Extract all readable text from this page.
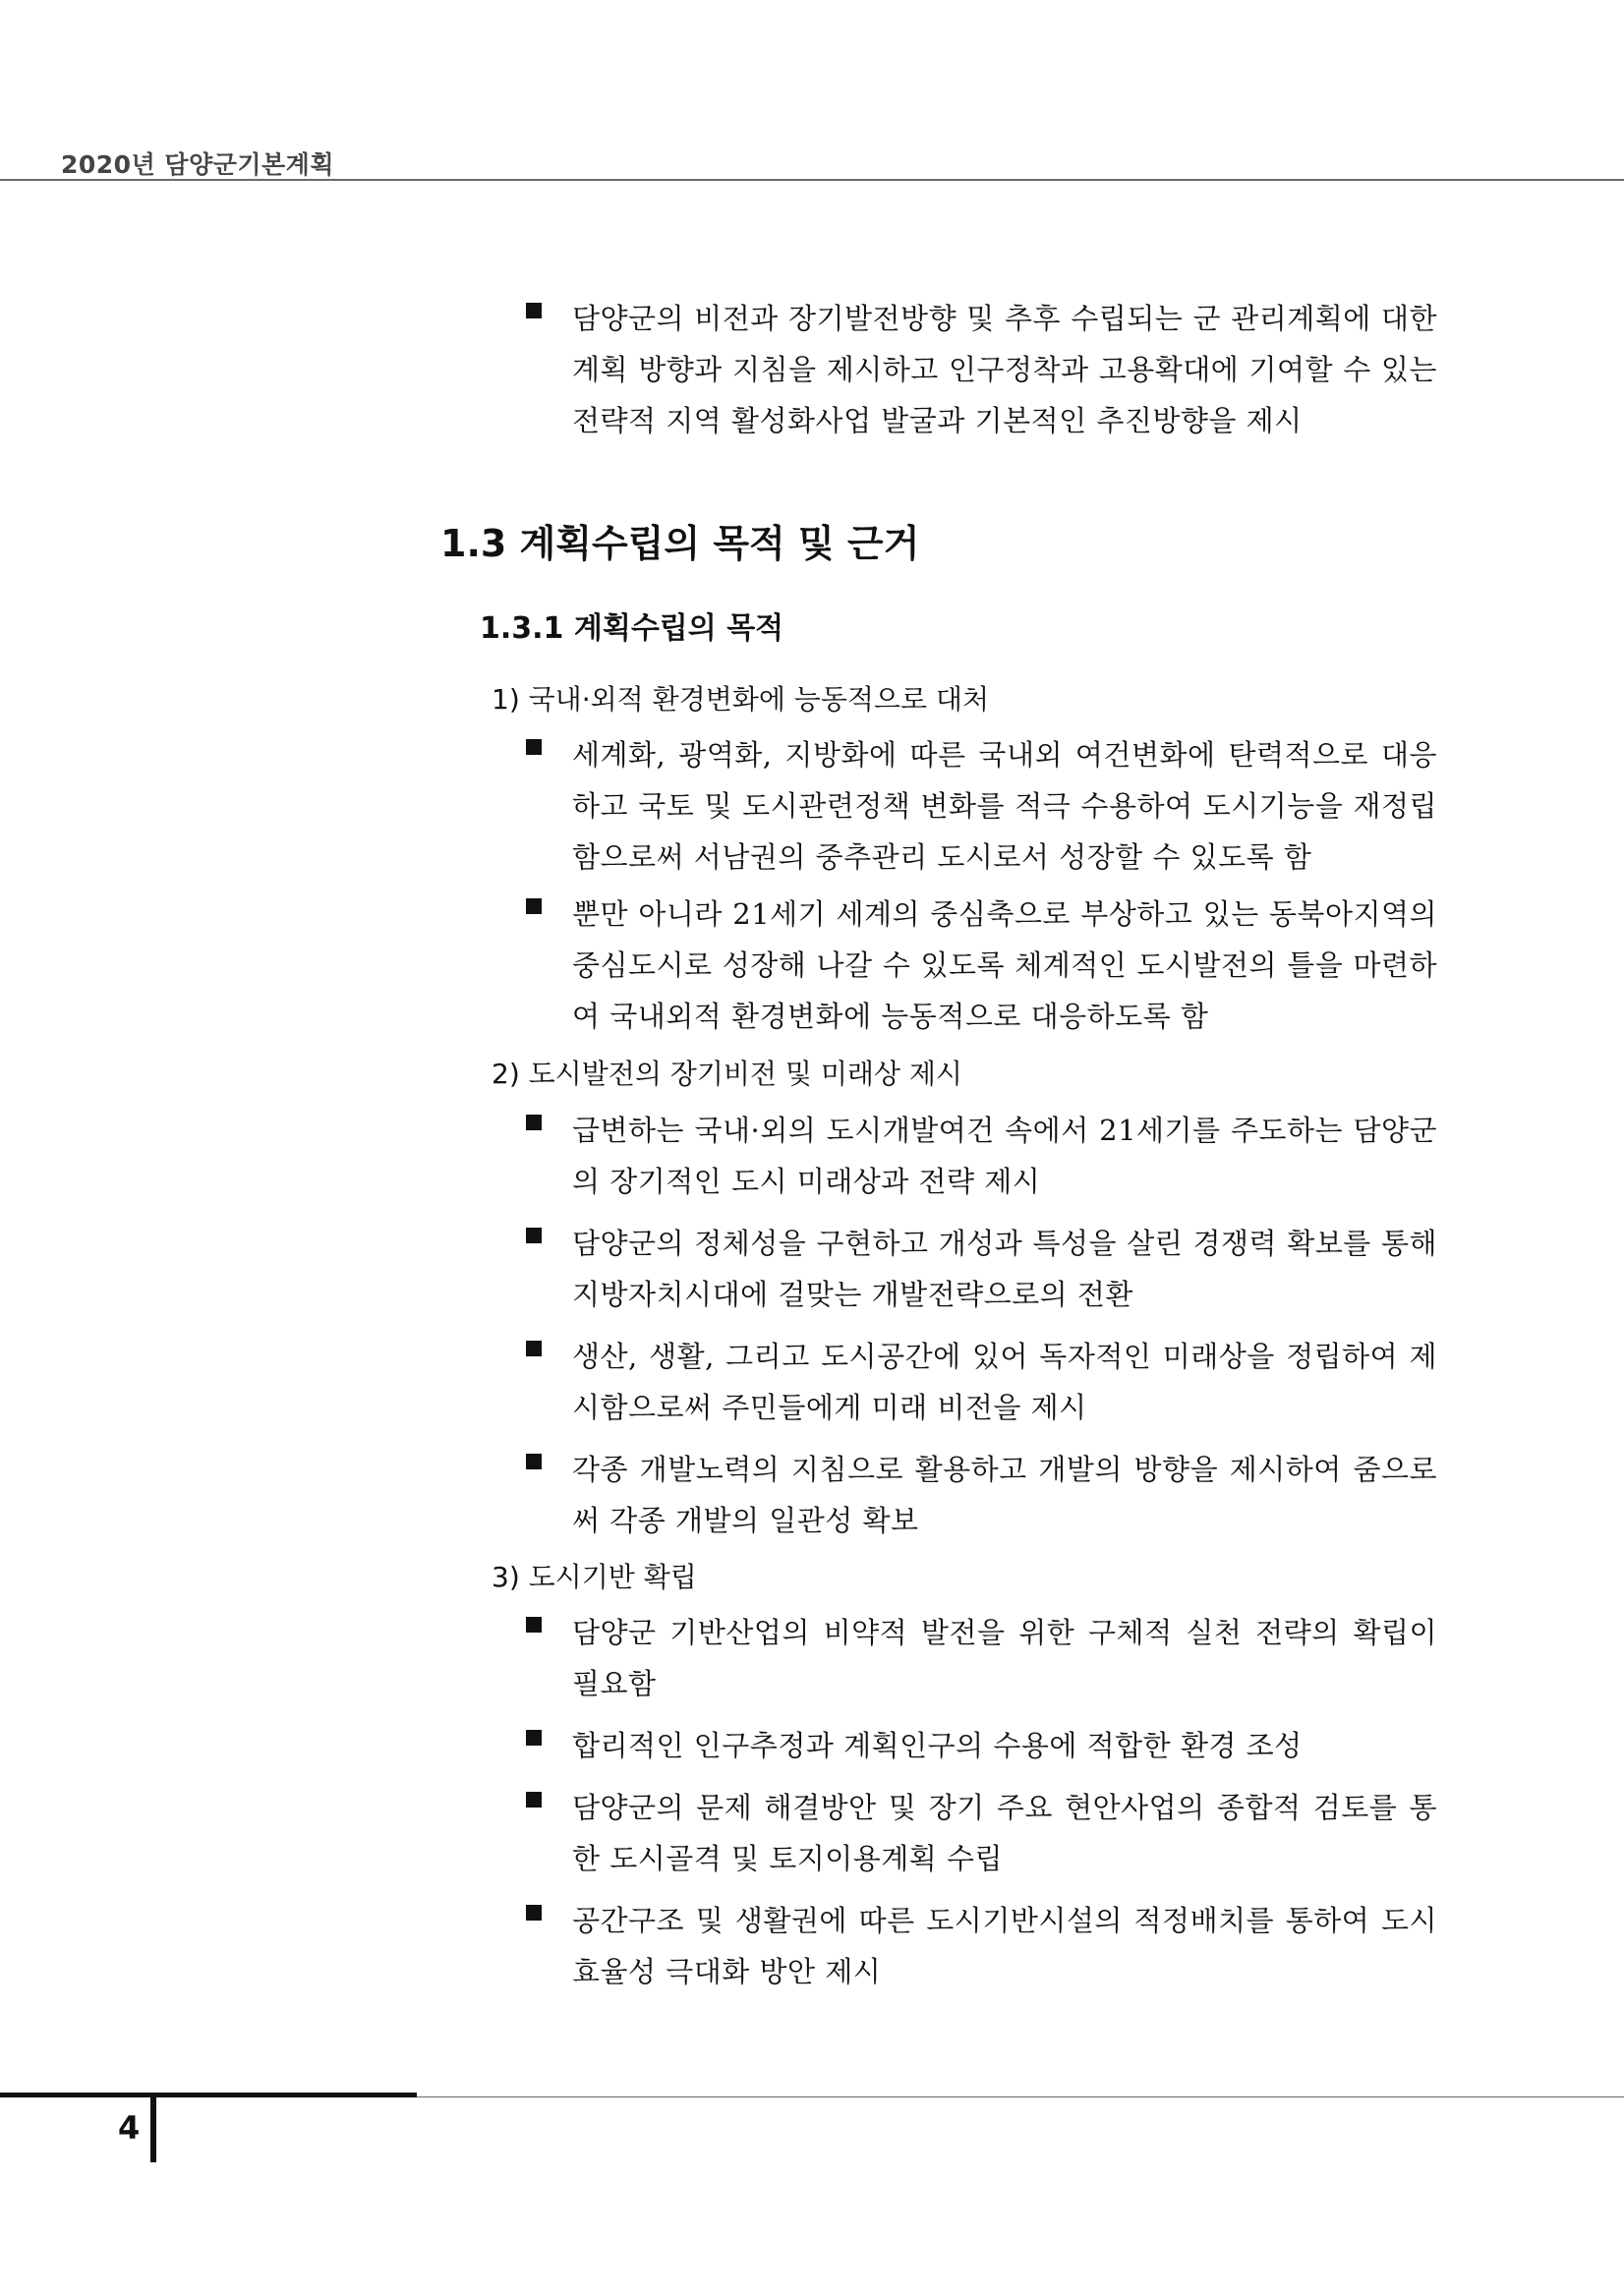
2020년 담양군기본계획
담양군의 비전과 장기발전방향 및 추후 수립되는 군 관리계획에 대한 계획 방향과 지침을 제시하고 인구정착과 고용확대에 기여할 수 있는 전략적 지역 활성화사업 발굴과 기본적인 추진방향을 제시
1.3 계획수립의 목적 및 근거
1.3.1 계획수립의 목적
1) 국내·외적 환경변화에 능동적으로 대처
세계화, 광역화, 지방화에 따른 국내외 여건변화에 탄력적으로 대응하고 국토 및 도시관련정책 변화를 적극 수용하여 도시기능을 재정립함으로써 서남권의 중추관리 도시로서 성장할 수 있도록 함
뿐만 아니라 21세기 세계의 중심축으로 부상하고 있는 동북아지역의 중심도시로 성장해 나갈 수 있도록 체계적인 도시발전의 틀을 마련하여 국내외적 환경변화에 능동적으로 대응하도록 함
2) 도시발전의 장기비전 및 미래상 제시
급변하는 국내·외의 도시개발여건 속에서 21세기를 주도하는 담양군의 장기적인 도시 미래상과 전략 제시
담양군의 정체성을 구현하고 개성과 특성을 살린 경쟁력 확보를 통해 지방자치시대에 걸맞는 개발전략으로의 전환
생산, 생활, 그리고 도시공간에 있어 독자적인 미래상을 정립하여 제시함으로써 주민들에게 미래 비전을 제시
각종 개발노력의 지침으로 활용하고 개발의 방향을 제시하여 줌으로써 각종 개발의 일관성 확보
3) 도시기반 확립
담양군 기반산업의 비약적 발전을 위한 구체적 실천 전략의 확립이 필요함
합리적인 인구추정과 계획인구의 수용에 적합한 환경 조성
담양군의 문제 해결방안 및 장기 주요 현안사업의 종합적 검토를 통한 도시골격 및 토지이용계획 수립
공간구조 및 생활권에 따른 도시기반시설의 적정배치를 통하여 도시 효율성 극대화 방안 제시
4
